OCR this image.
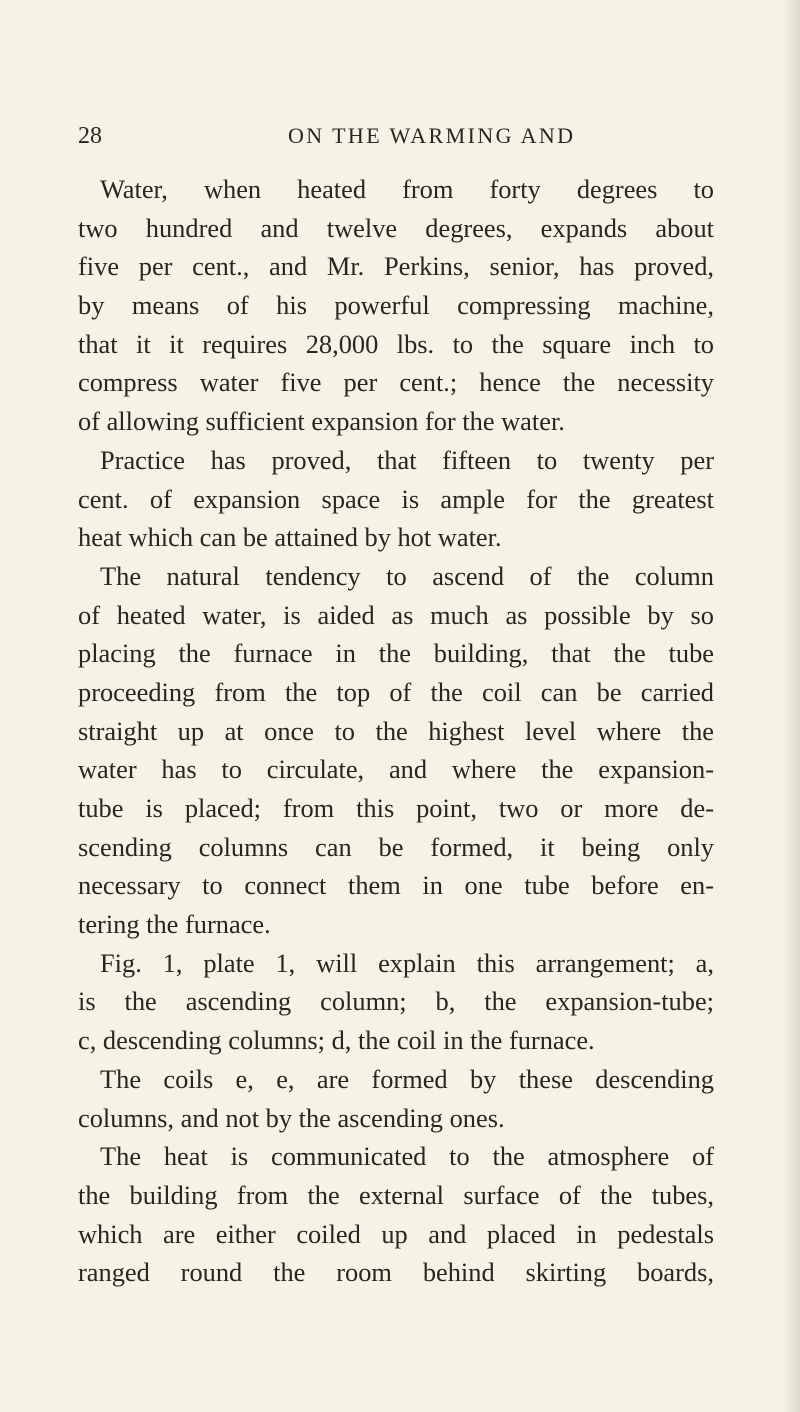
28	ON THE WARMING AND
Water, when heated from forty degrees to
two hundred and twelve degrees, expands about
five per cent., and Mr. Perkins, senior, has proved,
by means of his powerful compressing machine,
that it it requires 28,000 lbs. to the square inch to
compress water five per cent.; hence the necessity
of allowing sufficient expansion for the water.
Practice has proved, that fifteen to twenty per
cent. of expansion space is ample for the greatest
heat which can be attained by hot water.
The natural tendency to ascend of the column
of heated water, is aided as much as possible by so
placing the furnace in the building, that the tube
proceeding from the top of the coil can be carried
straight up at once to the highest level where the
water has to circulate, and where the expansion-
tube is placed; from this point, two or more de-
scending columns can be formed, it being only
necessary to connect them in one tube before en-
tering the furnace.
Fig. 1, plate 1, will explain this arrangement; a,
is the ascending column; b, the expansion-tube;
c, descending columns; d, the coil in the furnace.
The coils e, e, are formed by these descending
columns, and not by the ascending ones.
The heat is communicated to the atmosphere of
the building from the external surface of the tubes,
which are either coiled up and placed in pedestals
ranged round the room behind skirting boards,
